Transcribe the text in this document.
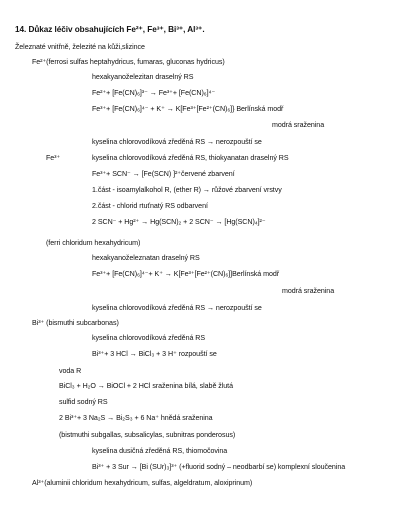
14. Důkaz léčiv obsahujících Fe²⁺, Fe³⁺, Bi³⁺, Al³⁺.
Železnaté vnitřně, železité na kůži,slizince
Fe²⁺(ferrosi sulfas heptahydricus, fumaras, gluconas hydricus)
hexakyanoželezitan draselný RS
Fe²⁺+ [Fe(CN)₆]³⁻ → Fe³⁺+ [Fe(CN)₆]⁴⁻
Fe³⁺+ [Fe(CN)₆]⁴⁻ + K⁺ → K[Fe³⁺[Fe²⁺(CN)₆]} Berlínská modř
modrá sraženina
kyselina chlorovodíková zředěná RS → nerozpouští se
Fe³⁺	kyselina chlorovodíková zředěná RS, thiokyanatan draselný RS
Fe³⁺+ SCN⁻ → [Fe(SCN) ]²⁺červené zbarvení
1.část - isoamylalkohol R, (ether R) → růžové zbarvení vrstvy
2.část - chlorid rtuťnatý RS odbarvení
2 SCN⁻ + Hg²⁺ → Hg(SCN)₂ + 2 SCN⁻ → [Hg(SCN)₄]²⁻
(ferri chloridum hexahydricum)
hexakyanoželeznatan draselný RS
Fe³⁺+ [Fe(CN)₆]⁴⁻+ K⁺ → K[Fe³⁺[Fe²⁺(CN)₆]]Berlínská modř
modrá sraženina
kyselina chlorovodíková zředěná RS → nerozpouští se
Bi³⁺ (bismuthi subcarbonas)
kyselina chlorovodíková zředěná RS
Bi³⁺+ 3 HCl → BiCl₃ + 3 H⁺ rozpouští se
voda R
BiCl₃ + H₂O → BiOCl + 2 HCl sraženina bílá, slabě žlutá
sulfid sodný RS
2 Bi³⁺+ 3 Na₂S → Bi₂S₃ + 6 Na⁺ hnědá sraženina
(bistmuthi subgallas, subsalicylas, subnitras ponderosus)
kyselina dusičná zředěná RS, thiomočovina
Bi³⁺ + 3 Sur → [Bi (SUr)₃]³⁺ (+fluorid sodný – neodbarbí se) komplexní sloučenina
Al³⁺(aluminii chloridum hexahydricum, sulfas, algeldratum, aloxiprinum)
